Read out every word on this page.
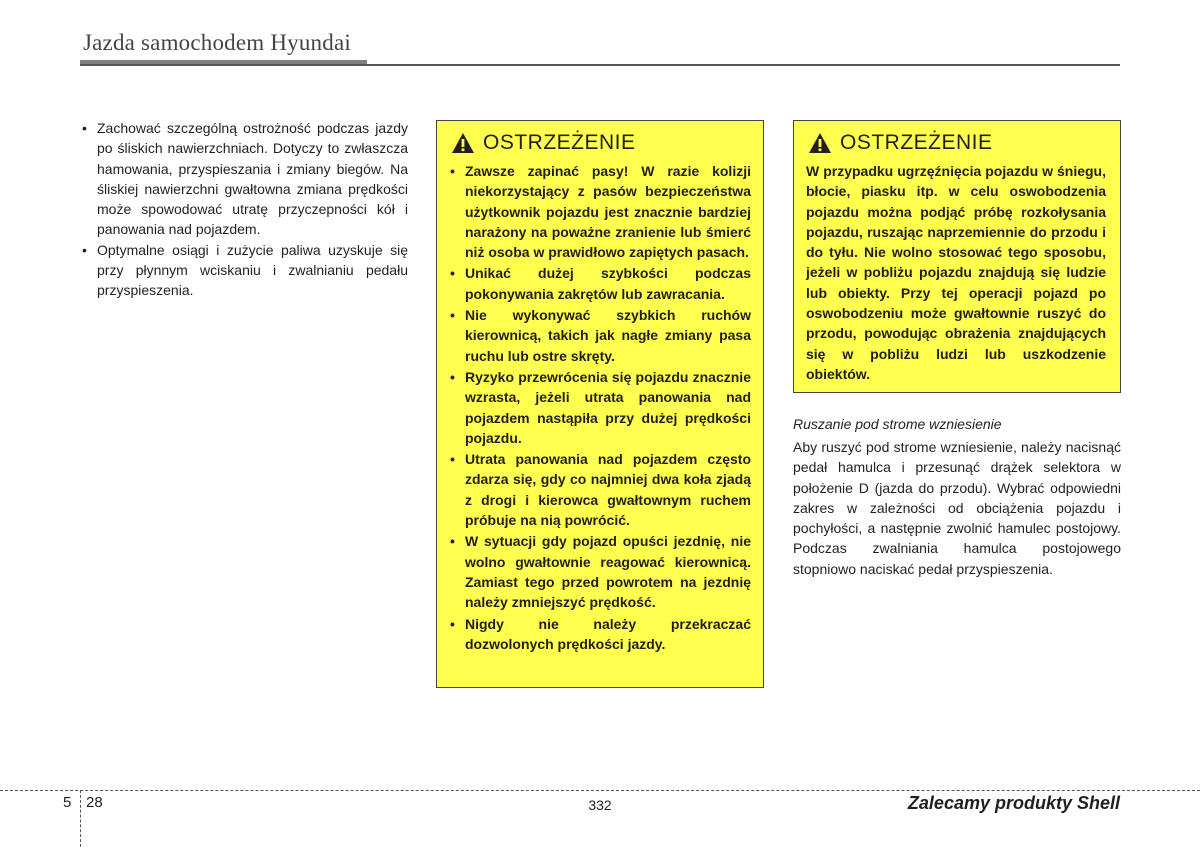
Jazda samochodem Hyundai
• Zachować szczególną ostrożność podczas jazdy po śliskich nawierzchniach. Dotyczy to zwłaszcza hamowania, przyspieszania i zmiany biegów. Na śliskiej nawierzchni gwałtowna zmiana prędkości może spowodować utratę przyczepności kół i panowania nad pojazdem.
• Optymalne osiągi i zużycie paliwa uzyskuje się przy płynnym wciskaniu i zwalnianiu pedału przyspieszenia.
OSTRZEŻENIE
• Zawsze zapinać pasy! W razie kolizji niekorzystający z pasów bezpieczeństwa użytkownik pojazdu jest znacznie bardziej narażony na poważne zranienie lub śmierć niż osoba w prawidłowo zapiętych pasach.
• Unikać dużej szybkości podczas pokonywania zakrętów lub zawracania.
• Nie wykonywać szybkich ruchów kierownicą, takich jak nagłe zmiany pasa ruchu lub ostre skręty.
• Ryzyko przewrócenia się pojazdu znacznie wzrasta, jeżeli utrata panowania nad pojazdem nastąpiła przy dużej prędkości pojazdu.
• Utrata panowania nad pojazdem często zdarza się, gdy co najmniej dwa koła zjadą z drogi i kierowca gwałtownym ruchem próbuje na nią powrócić.
• W sytuacji gdy pojazd opuści jezdnię, nie wolno gwałtownie reagować kierownicą. Zamiast tego przed powrotem na jezdnię należy zmniejszyć prędkość.
• Nigdy nie należy przekraczać dozwolonych prędkości jazdy.
OSTRZEŻENIE

W przypadku ugrzęźnięcia pojazdu w śniegu, błocie, piasku itp. w celu oswobodzenia pojazdu można podjąć próbę rozkołysania pojazdu, ruszając naprzemiennie do przodu i do tyłu. Nie wolno stosować tego sposobu, jeżeli w pobliżu pojazdu znajdują się ludzie lub obiekty. Przy tej operacji pojazd po oswobodzeniu może gwałtownie ruszyć do przodu, powodując obrażenia znajdujących się w pobliżu ludzi lub uszkodzenie obiektów.

Ruszanie pod strome wzniesienie

Aby ruszyć pod strome wzniesienie, należy nacisnąć pedał hamulca i przesunąć drążek selektora w położenie D (jazda do przodu). Wybrać odpowiedni zakres w zależności od obciążenia pojazdu i pochyłości, a następnie zwolnić hamulec postojowy. Podczas zwalniania hamulca postojowego stopniowo naciskać pedał przyspieszenia.

5 28	332	Zalecamy produkty Shell
